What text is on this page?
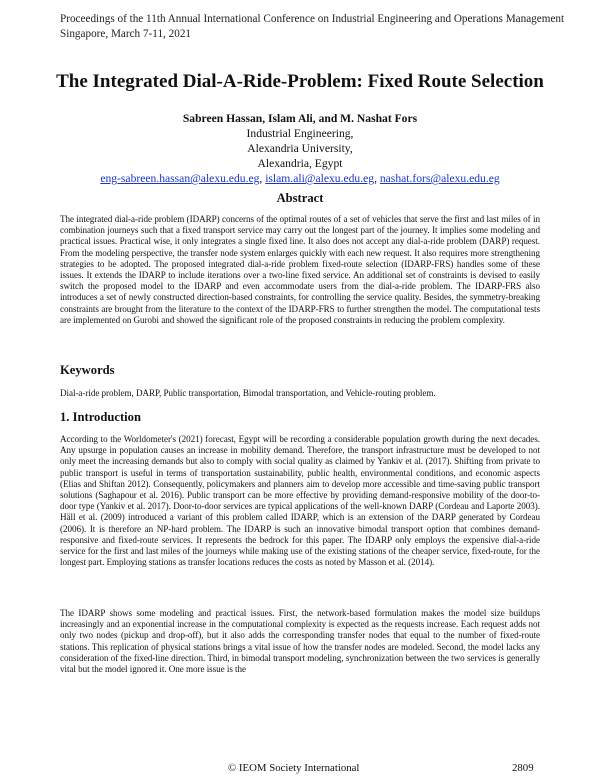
Proceedings of the 11th Annual International Conference on Industrial Engineering and Operations Management
Singapore, March 7-11, 2021
The Integrated Dial-A-Ride-Problem: Fixed Route Selection
Sabreen Hassan, Islam Ali, and M. Nashat Fors
Industrial Engineering,
Alexandria University,
Alexandria, Egypt
eng-sabreen.hassan@alexu.edu.eg, islam.ali@alexu.edu.eg, nashat.fors@alexu.edu.eg
Abstract
The integrated dial-a-ride problem (IDARP) concerns of the optimal routes of a set of vehicles that serve the first and last miles of in combination journeys such that a fixed transport service may carry out the longest part of the journey. It implies some modeling and practical issues. Practical wise, it only integrates a single fixed line. It also does not accept any dial-a-ride problem (DARP) request. From the modeling perspective, the transfer node system enlarges quickly with each new request. It also requires more strengthening strategies to be adopted. The proposed integrated dial-a-ride problem fixed-route selection (IDARP-FRS) handles some of these issues. It extends the IDARP to include iterations over a two-line fixed service. An additional set of constraints is devised to easily switch the proposed model to the IDARP and even accommodate users from the dial-a-ride problem. The IDARP-FRS also introduces a set of newly constructed direction-based constraints, for controlling the service quality. Besides, the symmetry-breaking constraints are brought from the literature to the context of the IDARP-FRS to further strengthen the model. The computational tests are implemented on Gurobi and showed the significant role of the proposed constraints in reducing the problem complexity.
Keywords
Dial-a-ride problem, DARP, Public transportation, Bimodal transportation, and Vehicle-routing problem.
1. Introduction
According to the Worldometer's (2021) forecast, Egypt will be recording a considerable population growth during the next decades. Any upsurge in population causes an increase in mobility demand. Therefore, the transport infrastructure must be developed to not only meet the increasing demands but also to comply with social quality as claimed by Yankiv et al. (2017). Shifting from private to public transport is useful in terms of transportation sustainability, public health, environmental conditions, and economic aspects (Elias and Shiftan 2012). Consequently, policymakers and planners aim to develop more accessible and time-saving public transport solutions (Saghapour et al. 2016). Public transport can be more effective by providing demand-responsive mobility of the door-to-door type (Yankiv et al. 2017). Door-to-door services are typical applications of the well-known DARP (Cordeau and Laporte 2003). Häll et al. (2009) introduced a variant of this problem called IDARP, which is an extension of the DARP generated by Cordeau (2006). It is therefore an NP-hard problem. The IDARP is such an innovative bimodal transport option that combines demand-responsive and fixed-route services. It represents the bedrock for this paper. The IDARP only employs the expensive dial-a-ride service for the first and last miles of the journeys while making use of the existing stations of the cheaper service, fixed-route, for the longest part. Employing stations as transfer locations reduces the costs as noted by Masson et al. (2014).
The IDARP shows some modeling and practical issues. First, the network-based formulation makes the model size buildups increasingly and an exponential increase in the computational complexity is expected as the requests increase. Each request adds not only two nodes (pickup and drop-off), but it also adds the corresponding transfer nodes that equal to the number of fixed-route stations. This replication of physical stations brings a vital issue of how the transfer nodes are modeled. Second, the model lacks any consideration of the fixed-line direction. Third, in bimodal transport modeling, synchronization between the two services is generally vital but the model ignored it. One more issue is the
© IEOM Society International	2809
